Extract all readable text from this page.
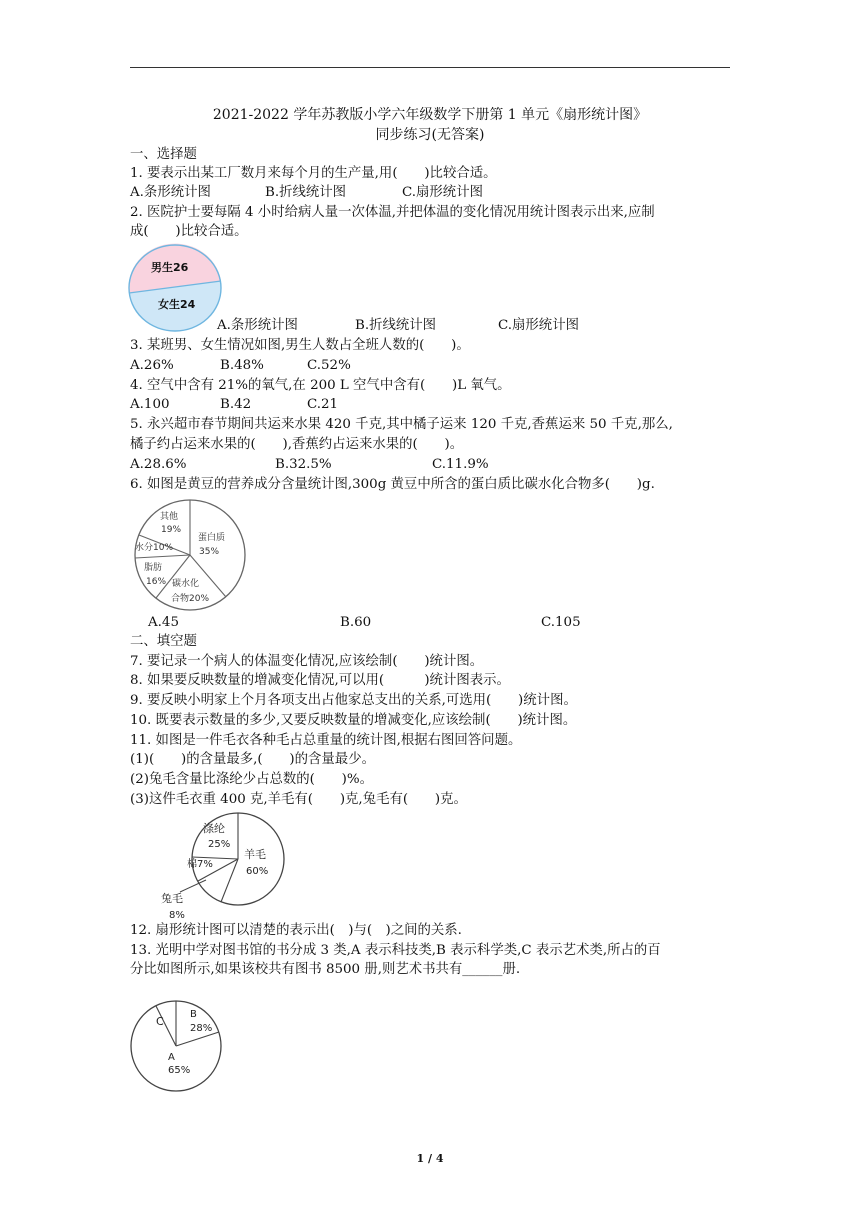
2021-2022 学年苏教版小学六年级数学下册第 1 单元《扇形统计图》
同步练习(无答案)
一、选择题
1. 要表示出某工厂数月来每个月的生产量,用(　　)比较合适。
A.条形统计图	B.折线统计图	C.扇形统计图
2. 医院护士要每隔 4 小时给病人量一次体温,并把体温的变化情况用统计图表示出来,应制
成(　　)比较合适。
男生26
女生24
A.条形统计图	B.折线统计图	C.扇形统计图
3. 某班男、女生情况如图,男生人数占全班人数的(　　)。
A.26%	B.48%	C.52%
4. 空气中含有 21%的氧气,在 200 L 空气中含有(　　)L 氧气。
A.100	B.42	C.21
5. 永兴超市春节期间共运来水果 420 千克,其中橘子运来 120 千克,香蕉运来 50 千克,那么,
橘子约占运来水果的(　　),香蕉约占运来水果的(　　)。
A.28.6%	B.32.5%	C.11.9%
6. 如图是黄豆的营养成分含量统计图,300g 黄豆中所含的蛋白质比碳水化合物多(　　)g.
其他
19%
蛋白质
35%
水分10%
脂肪
16% 碳水化
合物20%
A.45	B.60	C.105
二、填空题
7. 要记录一个病人的体温变化情况,应该绘制(　　)统计图。
8. 如果要反映数量的增减变化情况,可以用(　　　)统计图表示。
9. 要反映小明家上个月各项支出占他家总支出的关系,可选用(　　)统计图。
10. 既要表示数量的多少,又要反映数量的增减变化,应该绘制(　　)统计图。
11. 如图是一件毛衣各种毛占总重量的统计图,根据右图回答问题。
(1)(　　)的含量最多,(　　)的含量最少。
(2)兔毛含量比涤纶少占总数的(　　)%。
(3)这件毛衣重 400 克,羊毛有(　　)克,兔毛有(　　)克。
涤纶
25%
羊毛
60%
棉7%
兔毛
8%
12. 扇形统计图可以清楚的表示出(　)与(　)之间的关系.
13. 光明中学对图书馆的书分成 3 类,A 表示科技类,B 表示科学类,C 表示艺术类,所占的百
分比如图所示,如果该校共有图书 8500 册,则艺术书共有______册.
C
B
28%
A
65%
1 / 4
